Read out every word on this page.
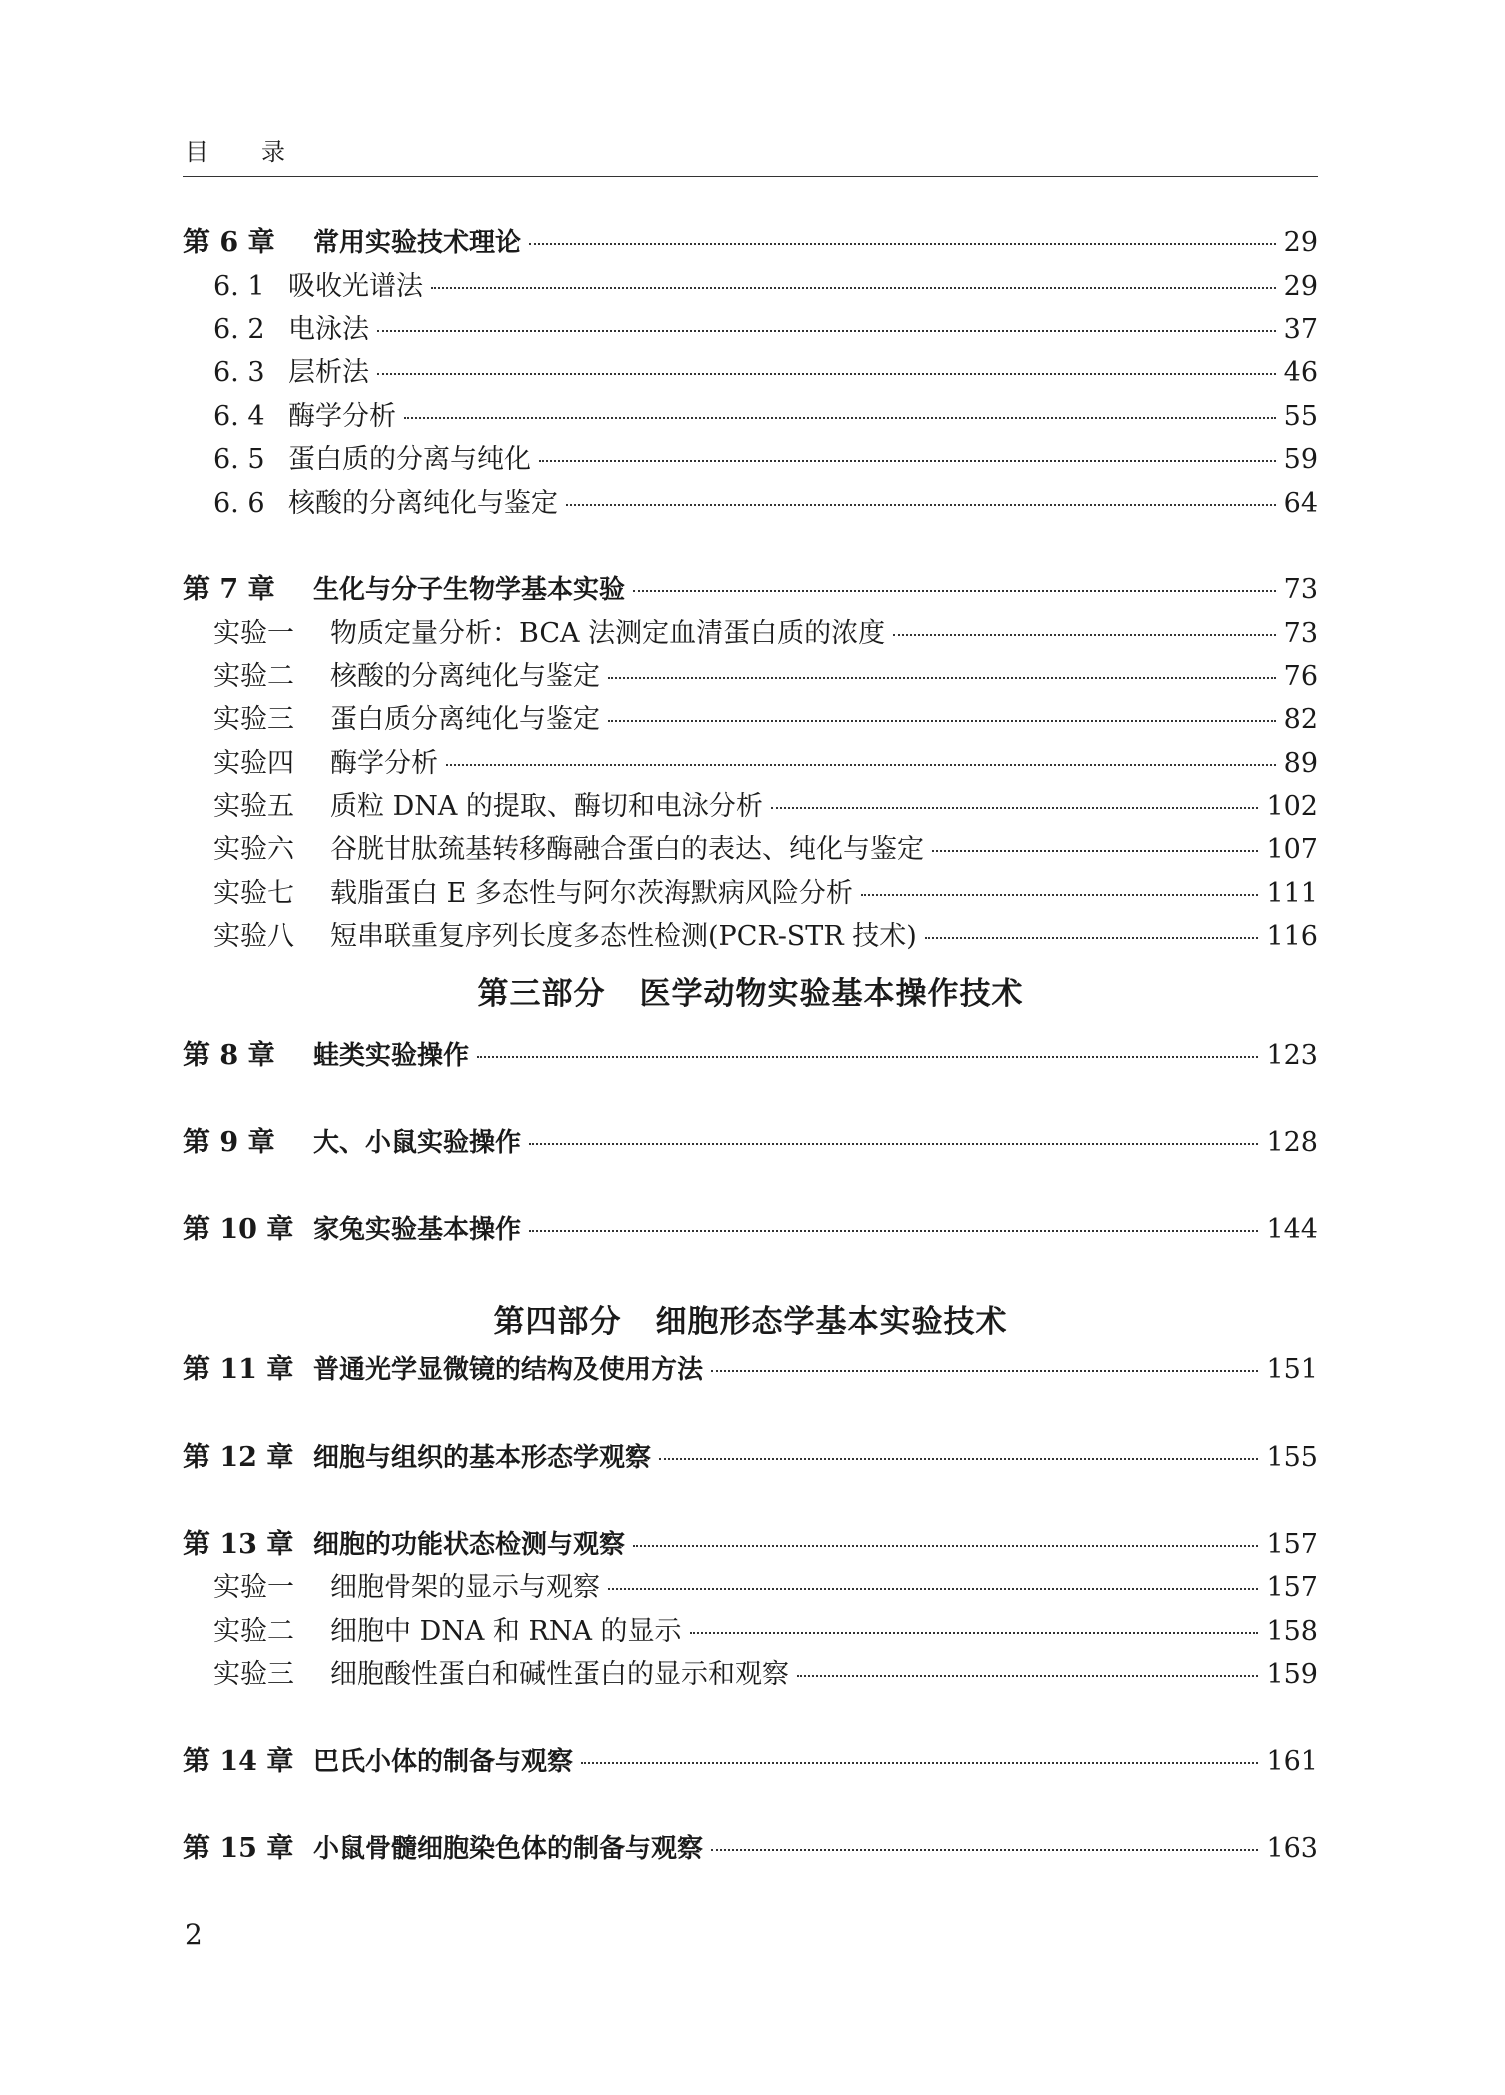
目 录
第 6 章	常用实验技术理论	29
6. 1 吸收光谱法	29
6. 2 电泳法	37
6. 3 层析法	46
6. 4 酶学分析	55
6. 5 蛋白质的分离与纯化	59
6. 6 核酸的分离纯化与鉴定	64
第 7 章	生化与分子生物学基本实验	73
实验一	物质定量分析：BCA 法测定血清蛋白质的浓度	73
实验二	核酸的分离纯化与鉴定	76
实验三	蛋白质分离纯化与鉴定	82
实验四	酶学分析	89
实验五	质粒 DNA 的提取、酶切和电泳分析	102
实验六	谷胱甘肽巯基转移酶融合蛋白的表达、纯化与鉴定	107
实验七	载脂蛋白 E 多态性与阿尔茨海默病风险分析	111
实验八	短串联重复序列长度多态性检测(PCR-STR 技术)	116
第三部分 医学动物实验基本操作技术
第 8 章	蛙类实验操作	123
第 9 章	大、小鼠实验操作	128
第 10 章 家兔实验基本操作	144
第四部分 细胞形态学基本实验技术
第 11 章 普通光学显微镜的结构及使用方法	151
第 12 章 细胞与组织的基本形态学观察	155
第 13 章 细胞的功能状态检测与观察	157
实验一	细胞骨架的显示与观察	157
实验二	细胞中 DNA 和 RNA 的显示	158
实验三	细胞酸性蛋白和碱性蛋白的显示和观察	159
第 14 章 巴氏小体的制备与观察	161
第 15 章 小鼠骨髓细胞染色体的制备与观察	163
2
